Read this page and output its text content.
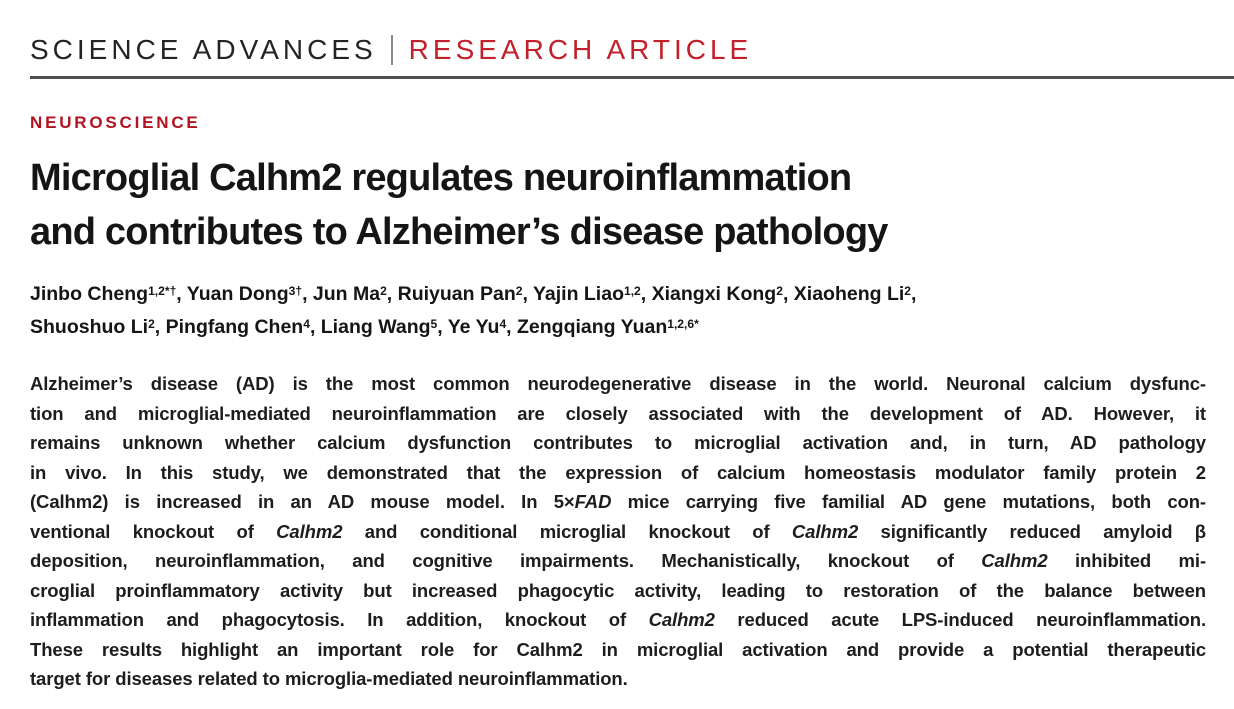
SCIENCE ADVANCES RESEARCH ARTICLE
NEUROSCIENCE
Microglial Calhm2 regulates neuroinflammation
and contributes to Alzheimer’s disease pathology
Jinbo Cheng$^{1,2*\dagger}$, Yuan Dong$^{3\dagger}$, Jun Ma$^2$, Ruiyuan Pan$^2$, Yajin Liao$^{1,2}$, Xiangxi Kong$^2$, Xiaoheng Li$^2$,
Shuoshuo Li$^2$, Pingfang Chen$^4$, Liang Wang$^5$, Ye Yu$^4$, Zengqiang Yuan$^{1,2,6*}$
Alzheimer’s disease (AD) is the most common neurodegenerative disease in the world. Neuronal calcium dysfunc-
tion and microglial-mediated neuroinflammation are closely associated with the development of AD. However, it
remains unknown whether calcium dysfunction contributes to microglial activation and, in turn, AD pathology
in vivo. In this study, we demonstrated that the expression of calcium homeostasis modulator family protein 2
(Calhm2) is increased in an AD mouse model. In 5×FAD mice carrying five familial AD gene mutations, both con-
ventional knockout of Calhm2 and conditional microglial knockout of Calhm2 significantly reduced amyloid β
deposition, neuroinflammation, and cognitive impairments. Mechanistically, knockout of Calhm2 inhibited mi-
croglial proinflammatory activity but increased phagocytic activity, leading to restoration of the balance between
inflammation and phagocytosis. In addition, knockout of Calhm2 reduced acute LPS-induced neuroinflammation.
These results highlight an important role for Calhm2 in microglial activation and provide a potential therapeutic
target for diseases related to microglia-mediated neuroinflammation.
